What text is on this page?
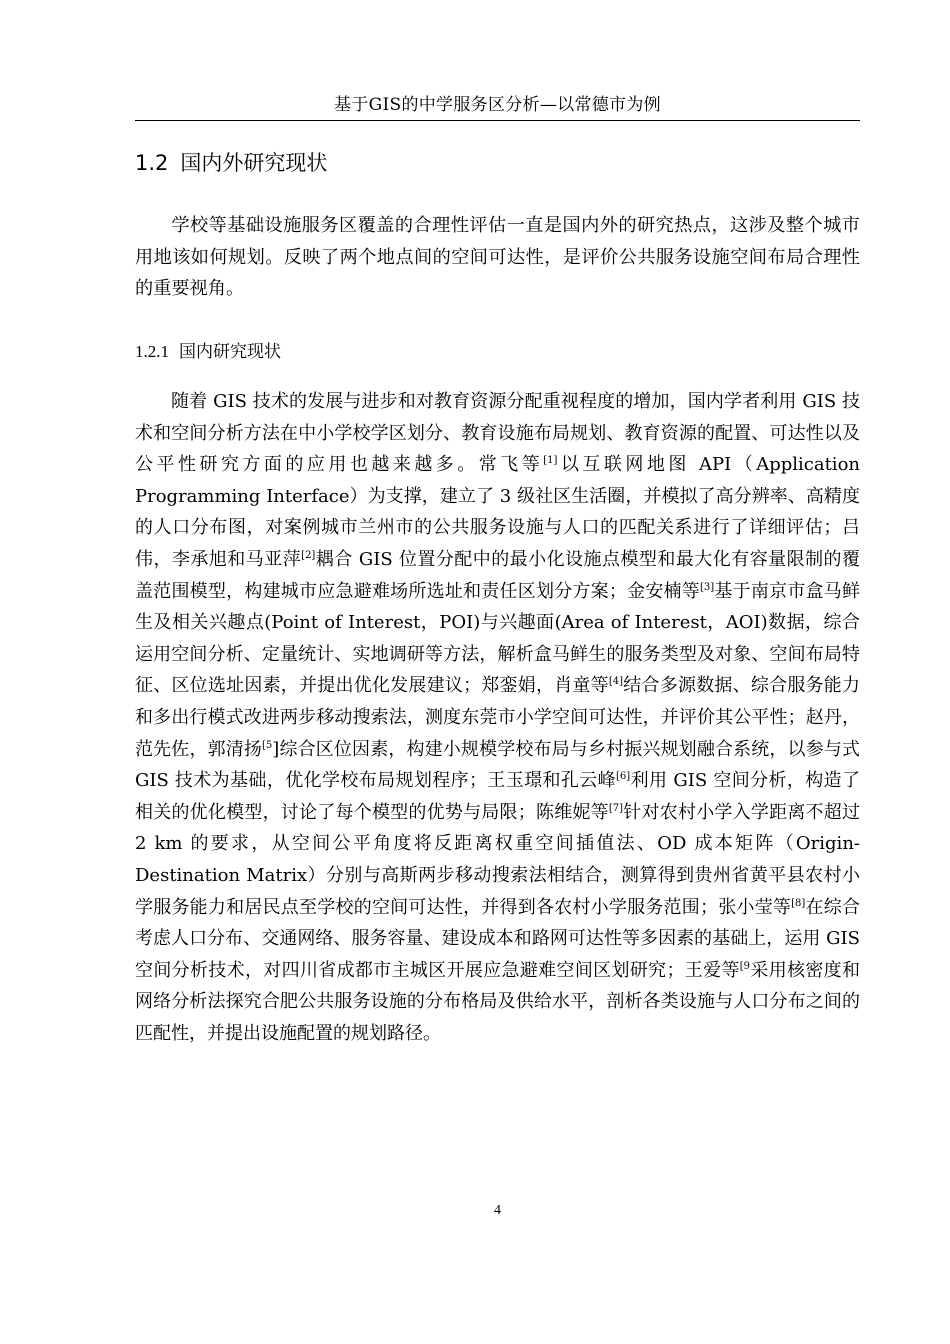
基于GIS的中学服务区分析—以常德市为例
1.2 国内外研究现状

学校等基础设施服务区覆盖的合理性评估一直是国内外的研究热点，这涉及整个城市用地该如何规划。反映了两个地点间的空间可达性，是评价公共服务设施空间布局合理性的重要视角。

1.2.1 国内研究现状

随着 GIS 技术的发展与进步和对教育资源分配重视程度的增加，国内学者利用 GIS 技术和空间分析方法在中小学校学区划分、教育设施布局规划、教育资源的配置、可达性以及公平性研究方面的应用也越来越多。常飞等[1]以互联网地图 API（Application Programming Interface）为支撑，建立了 3 级社区生活圈，并模拟了高分辨率、高精度的人口分布图，对案例城市兰州市的公共服务设施与人口的匹配关系进行了详细评估；吕伟，李承旭和马亚萍[2]耦合 GIS 位置分配中的最小化设施点模型和最大化有容量限制的覆盖范围模型，构建城市应急避难场所选址和责任区划分方案；金安楠等[3]基于南京市盒马鲜生及相关兴趣点(Point of Interest，POI)与兴趣面(Area of Interest，AOI)数据，综合运用空间分析、定量统计、实地调研等方法，解析盒马鲜生的服务类型及对象、空间布局特征、区位选址因素，并提出优化发展建议；郑銮娟，肖童等[4]结合多源数据、综合服务能力和多出行模式改进两步移动搜索法，测度东莞市小学空间可达性，并评价其公平性；赵丹，范先佐，郭清扬$^{[5}$]综合区位因素，构建小规模学校布局与乡村振兴规划融合系统，以参与式 GIS 技术为基础，优化学校布局规划程序；王玉璟和孔云峰[6]利用 GIS 空间分析，构造了相关的优化模型，讨论了每个模型的优势与局限；陈维妮等[7]针对农村小学入学距离不超过 2 km 的要求，从空间公平角度将反距离权重空间插值法、OD 成本矩阵（Origin-Destination Matrix）分别与高斯两步移动搜索法相结合，测算得到贵州省黄平县农村小学服务能力和居民点至学校的空间可达性，并得到各农村小学服务范围；张小莹等[8]在综合考虑人口分布、交通网络、服务容量、建设成本和路网可达性等多因素的基础上，运用 GIS 空间分析技术，对四川省成都市主城区开展应急避难空间区划研究；王爱等$^{[9}$采用核密度和网络分析法探究合肥公共服务设施的分布格局及供给水平，剖析各类设施与人口分布之间的匹配性，并提出设施配置的规划路径。

4
